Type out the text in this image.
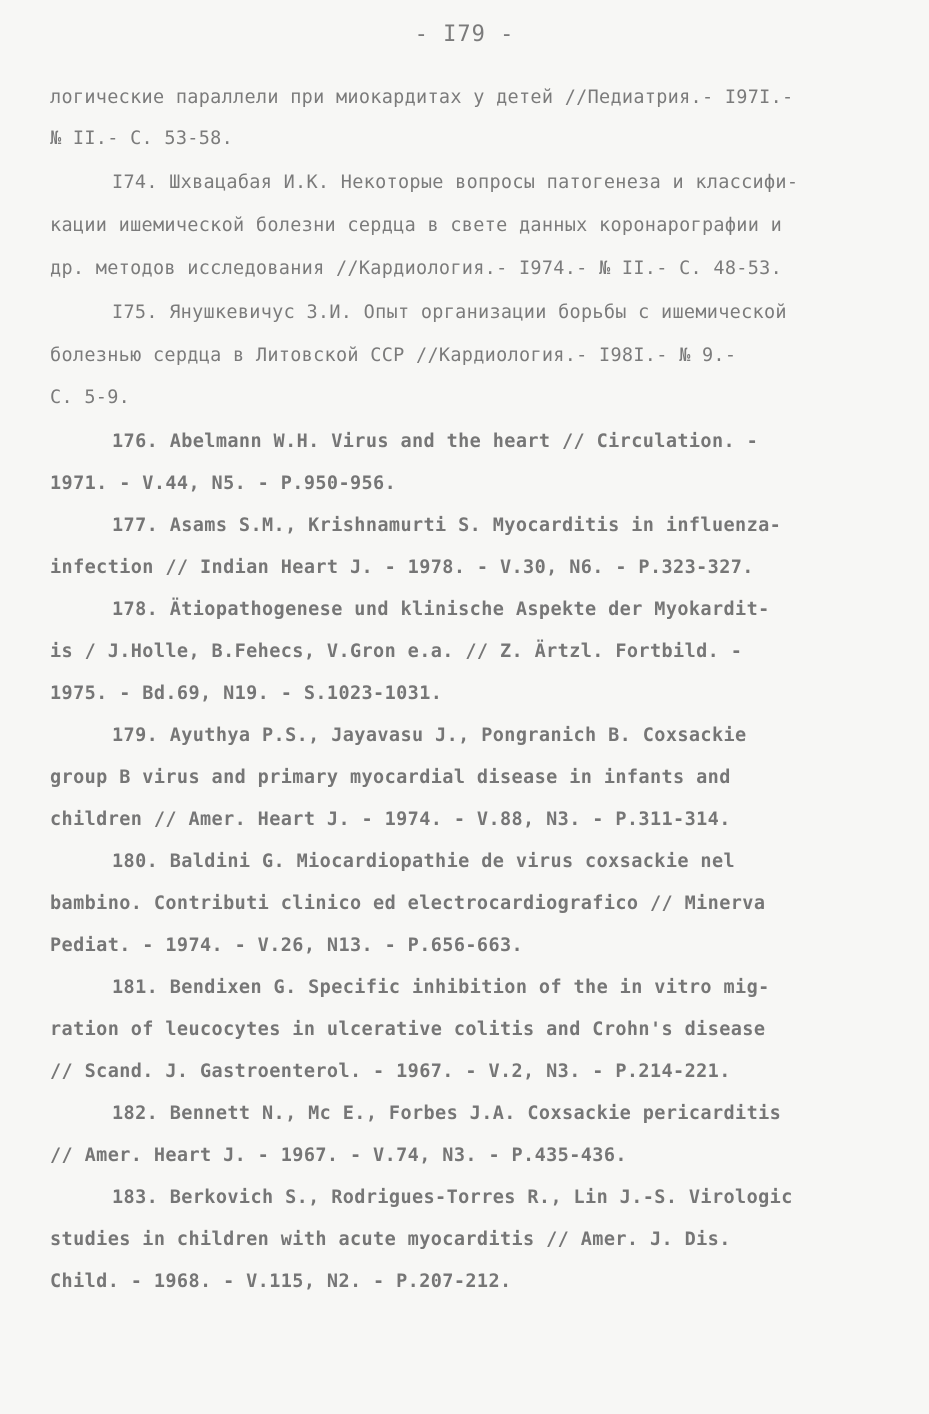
- I79 -
логические параллели при миокардитах у детей //Педиатрия.- I97I.-
№ II.- С. 53-58.
I74. Шхвацабая И.К. Некоторые вопросы патогенеза и классифи-
кации ишемической болезни сердца в свете данных коронарографии и
др. методов исследования //Кардиология.- I974.- № II.- С. 48-53.
I75. Янушкевичус З.И. Опыт организации борьбы с ишемической
болезнью сердца в Литовской ССР //Кардиология.- I98I.- № 9.-
С. 5-9.
176. Abelmann W.H. Virus and the heart // Circulation. -
1971. - V.44, N5. - P.950-956.
177. Asams S.M., Krishnamurti S. Myocarditis in influenza-
infection // Indian Heart J. - 1978. - V.30, N6. - P.323-327.
178. Ätiopathogenese und klinische Aspekte der Myokardit-
is / J.Holle, B.Fehecs, V.Gron e.a. // Z. Ärtzl. Fortbild. -
1975. - Bd.69, N19. - S.1023-1031.
179. Ayuthya P.S., Jayavasu J., Pongranich B. Coxsackie
group B virus and primary myocardial disease in infants and
children // Amer. Heart J. - 1974. - V.88, N3. - P.311-314.
180. Baldini G. Miocardiopathie de virus coxsackie nel
bambino. Contributi clinico ed electrocardiografico // Minerva
Pediat. - 1974. - V.26, N13. - P.656-663.
181. Bendixen G. Specific inhibition of the in vitro mig-
ration of leucocytes in ulcerative colitis and Crohn's disease
// Scand. J. Gastroenterol. - 1967. - V.2, N3. - P.214-221.
182. Bennett N., Mc E., Forbes J.A. Coxsackie pericarditis
// Amer. Heart J. - 1967. - V.74, N3. - P.435-436.
183. Berkovich S., Rodrigues-Torres R., Lin J.-S. Virologic
studies in children with acute myocarditis // Amer. J. Dis.
Child. - 1968. - V.115, N2. - P.207-212.
